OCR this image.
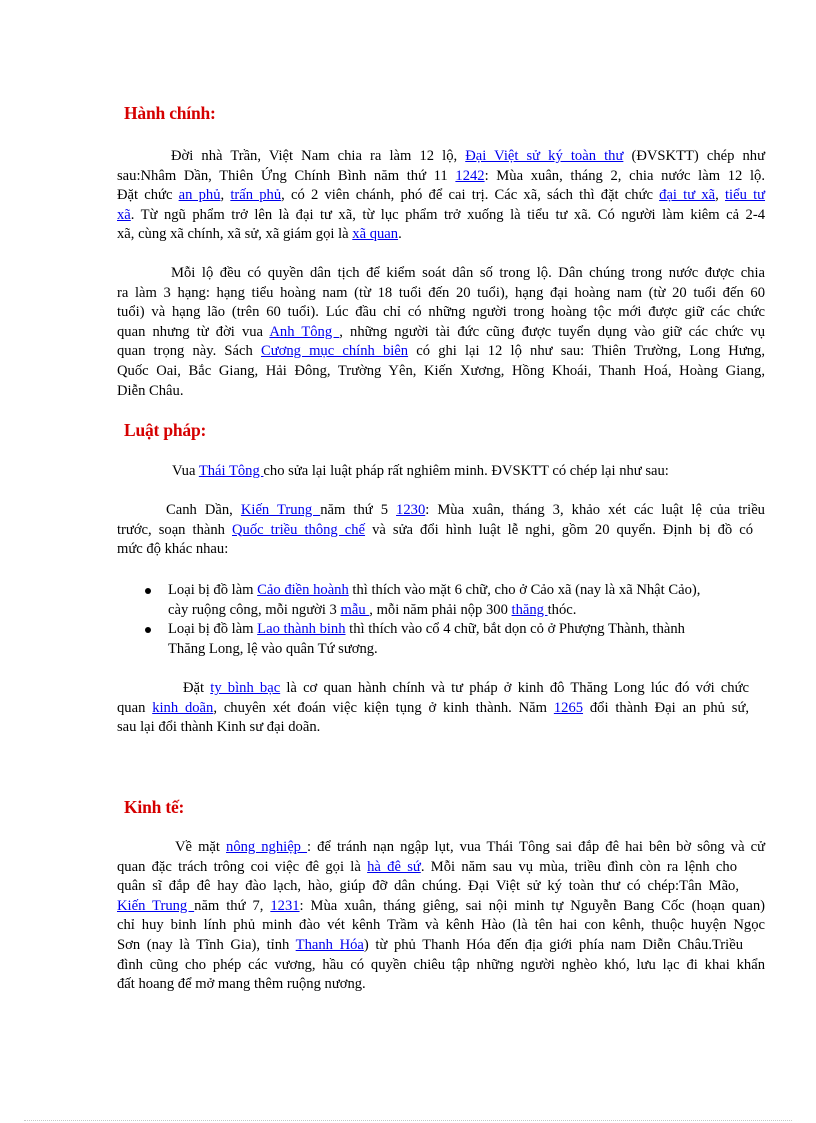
Hành chính:
Đời nhà Trần, Việt Nam chia ra làm 12 lộ, Đại Việt sử ký toàn thư (ĐVSKTT) chép như
sau:Nhâm Dần, Thiên Ứng Chính Bình năm thứ 11 1242: Mùa xuân, tháng 2, chia nước làm 12 lộ.
Đặt chức an phủ, trấn phủ, có 2 viên chánh, phó để cai trị. Các xã, sách thì đặt chức đại tư xã, tiểu tư
xã. Từ ngũ phẩm trở lên là đại tư xã, từ lục phẩm trở xuống là tiểu tư xã. Có người làm kiêm cả 2-4
xã, cùng xã chính, xã sử, xã giám gọi là xã quan.
Mỗi lộ đều có quyền dân tịch để kiểm soát dân số trong lộ. Dân chúng trong nước được chia
ra làm 3 hạng: hạng tiểu hoàng nam (từ 18 tuổi đến 20 tuổi), hạng đại hoàng nam (từ 20 tuổi đến 60
tuổi) và hạng lão (trên 60 tuổi). Lúc đầu chỉ có những người trong hoàng tộc mới được giữ các chức
quan nhưng từ đời vua Anh Tông , những người tài đức cũng được tuyển dụng vào giữ các chức vụ
quan trọng này. Sách Cương mục chính biên có ghi lại 12 lộ như sau: Thiên Trường, Long Hưng,
Quốc Oai, Bắc Giang, Hải Đông, Trường Yên, Kiến Xương, Hồng Khoái, Thanh Hoá, Hoàng Giang,
Diễn Châu.
Luật pháp:
Vua Thái Tông cho sửa lại luật pháp rất nghiêm minh. ĐVSKTT có chép lại như sau:
Canh Dần, Kiến Trung năm thứ 5 1230: Mùa xuân, tháng 3, khảo xét các luật lệ của triều
trước, soạn thành Quốc triều thông chế và sửa đổi hình luật lễ nghi, gồm 20 quyển. Định bị đồ có
mức độ khác nhau:
Loại bị đồ làm Cảo điền hoành thì thích vào mặt 6 chữ, cho ở Cảo xã (nay là xã Nhật Cảo),
cày ruộng công, mỗi người 3 mẫu , mỗi năm phải nộp 300 thăng thóc.
Loại bị đồ làm Lao thành binh thì thích vào cổ 4 chữ, bắt dọn cỏ ở Phượng Thành, thành
Thăng Long, lệ vào quân Tứ sương.
Đặt ty bình bạc là cơ quan hành chính và tư pháp ở kinh đô Thăng Long lúc đó với chức
quan kinh doãn, chuyên xét đoán việc kiện tụng ở kinh thành. Năm 1265 đổi thành Đại an phủ sứ,
sau lại đổi thành Kinh sư đại doãn.
Kinh tế:
Về mặt nông nghiệp : để tránh nạn ngập lụt, vua Thái Tông sai đắp đê hai bên bờ sông và cử
quan đặc trách trông coi việc đê gọi là hà đê sứ. Mỗi năm sau vụ mùa, triều đình còn ra lệnh cho
quân sĩ đắp đê hay đào lạch, hào, giúp đỡ dân chúng. Đại Việt sử ký toàn thư có chép:Tân Mão,
Kiến Trung năm thứ 7, 1231: Mùa xuân, tháng giêng, sai nội minh tự Nguyễn Bang Cốc (hoạn quan)
chỉ huy binh lính phủ minh đào vét kênh Trầm và kênh Hào (là tên hai con kênh, thuộc huyện Ngọc
Sơn (nay là Tĩnh Gia), tỉnh Thanh Hóa) từ phủ Thanh Hóa đến địa giới phía nam Diễn Châu.Triều
đình cũng cho phép các vương, hầu có quyền chiêu tập những người nghèo khó, lưu lạc đi khai khẩn
đất hoang để mở mang thêm ruộng nương.
